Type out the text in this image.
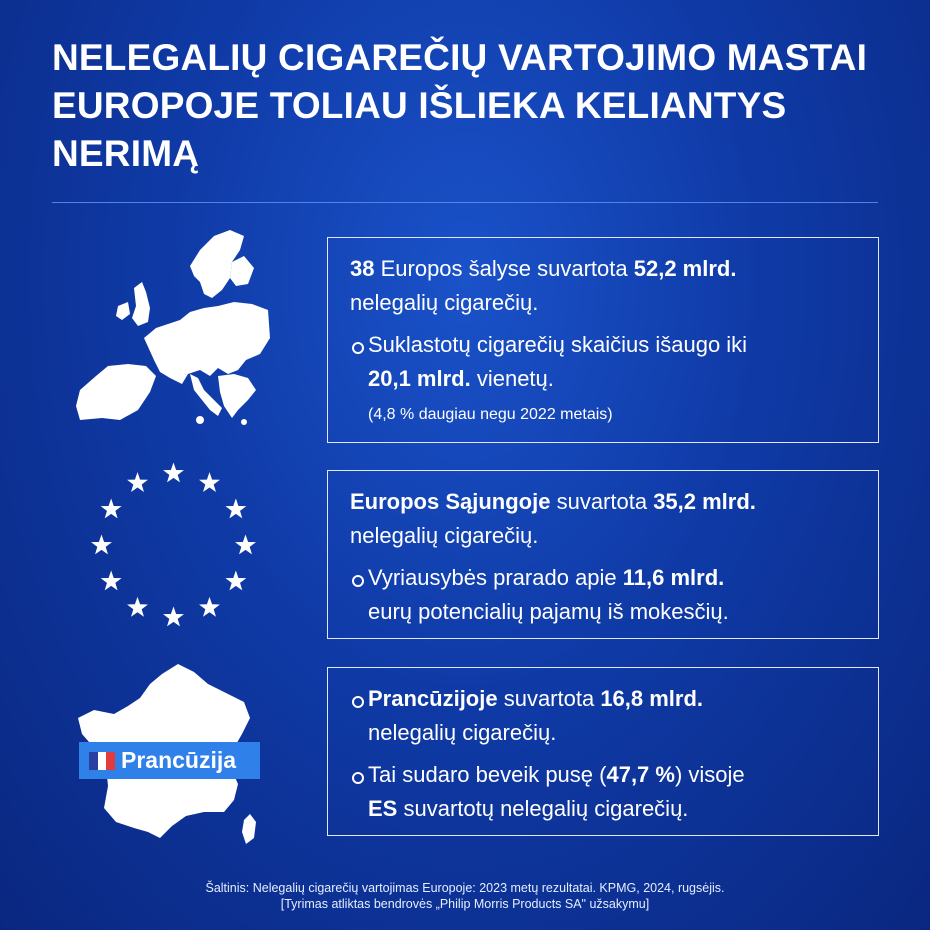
NELEGALIŲ CIGAREČIŲ VARTOJIMO MASTAI
EUROPOJE TOLIAU IŠLIEKA KELIANTYS
NERIMĄ
Prancūzija
38 Europos šalyse suvartota 52,2 mlrd.
nelegalių cigarečių.
Suklastotų cigarečių skaičius išaugo iki
20,1 mlrd. vienetų.
(4,8 % daugiau negu 2022 metais)
Europos Sąjungoje suvartota 35,2 mlrd.
nelegalių cigarečių.
Vyriausybės prarado apie 11,6 mlrd.
eurų potencialių pajamų iš mokesčių.
Prancūzijoje suvartota 16,8 mlrd.
nelegalių cigarečių.
Tai sudaro beveik pusę (47,7 %) visoje
ES suvartotų nelegalių cigarečių.
Šaltinis: Nelegalių cigarečių vartojimas Europoje: 2023 metų rezultatai. KPMG, 2024, rugsėjis.
[Tyrimas atliktas bendrovės „Philip Morris Products SA" užsakymu]
